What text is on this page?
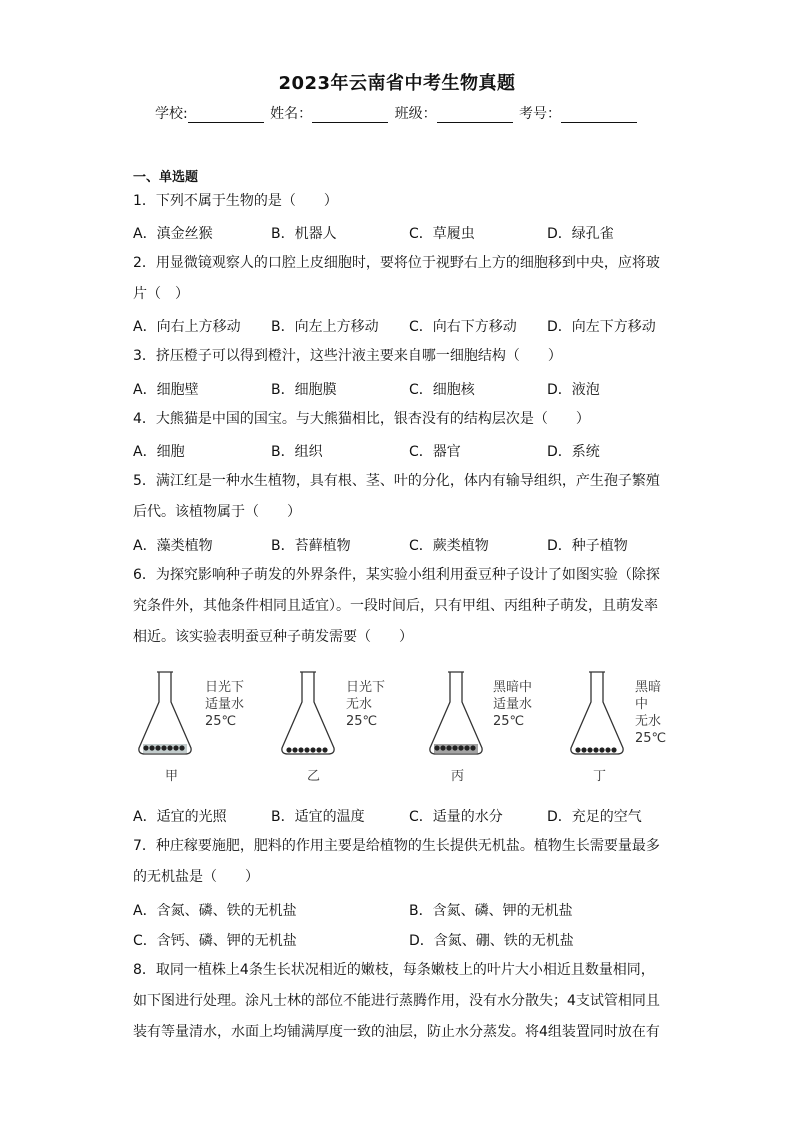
2023年云南省中考生物真题
学校:	姓名：	班级：	考号：
一、单选题
1．下列不属于生物的是（　　）
A．滇金丝猴	B．机器人	C．草履虫	D．绿孔雀
2．用显微镜观察人的口腔上皮细胞时，要将位于视野右上方的细胞移到中央，应将玻
片（　）
A．向右上方移动 B．向左上方移动 C．向右下方移动 D．向左下方移动
3．挤压橙子可以得到橙汁，这些汁液主要来自哪一细胞结构（　　）
A．细胞壁	B．细胞膜	C．细胞核	D．液泡
4．大熊猫是中国的国宝。与大熊猫相比，银杏没有的结构层次是（　　）
A．细胞	B．组织	C．器官	D．系统
5．满江红是一种水生植物，具有根、茎、叶的分化，体内有输导组织，产生孢子繁殖
后代。该植物属于（　　）
A．藻类植物	B．苔藓植物	C．蕨类植物	D．种子植物
6．为探究影响种子萌发的外界条件，某实验小组利用蚕豆种子设计了如图实验（除探
究条件外，其他条件相同且适宜）。一段时间后，只有甲组、丙组种子萌发，且萌发率
相近。该实验表明蚕豆种子萌发需要（　　）
日光下
适量水
25℃
甲
日光下
无水
25℃
乙
黑暗中
适量水
25℃
丙
黑暗中
无水
25℃
丁
A．适宜的光照	B．适宜的温度	C．适量的水分	D．充足的空气
7．种庄稼要施肥，肥料的作用主要是给植物的生长提供无机盐。植物生长需要量最多
的无机盐是（　　）
A．含氮、磷、铁的无机盐	B．含氮、磷、钾的无机盐
C．含钙、磷、钾的无机盐	D．含氮、硼、铁的无机盐
8．取同一植株上4条生长状况相近的嫩枝，每条嫩枝上的叶片大小相近且数量相同，
如下图进行处理。涂凡士林的部位不能进行蒸腾作用，没有水分散失；4支试管相同且
装有等量清水，水面上均铺满厚度一致的油层，防止水分蒸发。将4组装置同时放在有
